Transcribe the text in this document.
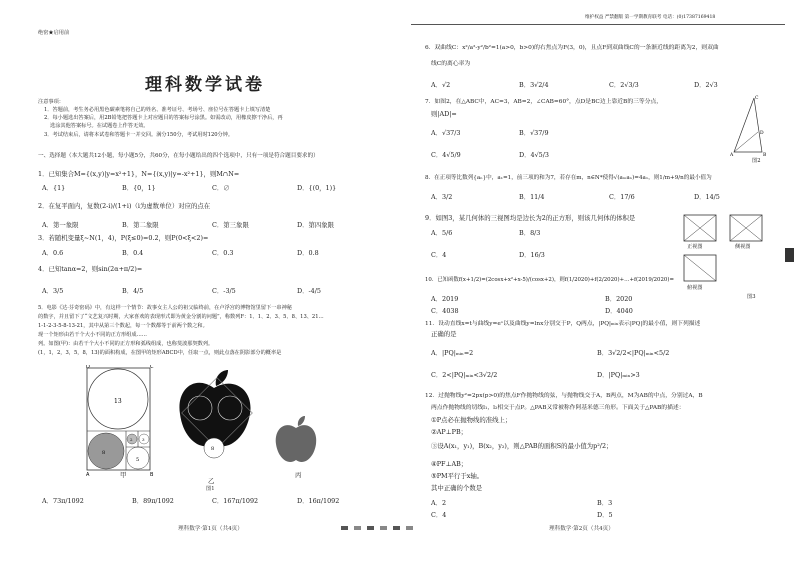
绝密★启用前
理科数学试卷
注意事项：
1．答题前，考生务必用黑色碳素笔将自己的姓名、准考证号、考场号、座位号在答题卡上填写清楚
2．每小题选出答案后，用2B铅笔把答题卡上对应题目的答案标号涂黑。如需改动，用橡皮擦干净后，再
选涂其他答案标号。在试题卷上作答无效。
3．考试结束后，请将本试卷和答题卡一并交回。满分150分，考试用时120分钟。
一、选择题（本大题共12小题，每小题5分，共60分，在每小题给出的四个选项中，只有一项是符合题目要求的）
1．已知集合M={(x,y)|y=x²+1}，N={(x,y)|y=-x²+1}，则M∩N=
A．{1}	B．{0，1}	C．∅	D．{(0，1)}
2．在复平面内，复数(2-i)/(1+i)（i为虚数单位）对应的点在
A．第一象限	B．第二象限	C．第三象限	D．第四象限
3．若随机变量ξ~N(1，4)，P(ξ≤0)=0.2，则P(0<ξ<2)=
A．0.6	B．0.4	C．0.3	D．0.8
4．已知tanα=2，则sin(2α+π/2)=
A．3/5	B．4/5	C．-3/5	D．-4/5
5．电影《达·芬奇密码》中，有这样一个情节：故事女主人公的祖父临终前，在卢浮宫的博物馆里留下一串神秘
的数字，并且留下了“文艺复兴时期，大家喜欢的表现形式即为黄金分割的问题”，称数列F：1、1、2、3、5、8、13、21…
1-1-2-3-5-8-13-21，其中从第三个数起，每一个数都等于前两个数之和。
现一个矩形由若干个大小不同的正方形组成……
列。如图(甲)：由若干个大小不同的正方形和弧线组成，也称斐波那契数列。
(1，1，2，3，5，8，13)的面积构成，在图甲的矩形ABCD中，任取一点，则此点落在阴影部分的概率是
D	C
A	B
13
8
2 3
5
甲
8
乙
图1
丙
A．73π/1092	B．89π/1092	C．167π/1092	D．16π/1092
理科数学·第1页（共4页）
维护权益 严禁翻版 第一学期教育联考 电话：(0)17387169418
6．双曲线C：x²/a²-y²/b²=1(a>0，b>0)的右焦点为F(3，0)，且点F到双曲线C的一条渐近线的距离为2，则双曲
线C的离心率为
A．√2	B．3√2/4	C．2√3/3	D．2√3
7．如图2，在△ABC中，AC=3，AB=2，∠CAB=60°，点D是BC边上靠近B的三等分点，
则|AD|=
A．√37/3	B．√37/9
C．4√5/9	D．4√5/3	A	B
C
D
图2
8．在正项等比数列{aₙ}中，a₁=1，前三项的和为7，若存在m，n∈N*使得√(aₘaₙ)=4a₁，则1/m+9/n的最小值为
A．3/2	B．11/4	C．17/6	D．14/5
9．如图3，某几何体的三视图均是边长为2的正方形，则该几何体的体积是
A．5/6	B．8/3
C．4	D．16/3
正视图	侧视图
俯视图
图3
10．已知函数f(x+1/2)=(2cosx+x²+x-5)/(cosx+2)，则f(1/2020)+f(2/2020)+…+f(2019/2020)=
A．2019	B．2020
C．4038	D．4040
11．设动直线x=t与曲线y=eˣ以及曲线y=lnx分别交于P，Q两点，|PQ|ₘᵢₙ表示|PQ|的最小值，则下列描述
正确的是
A．|PQ|ₘᵢₙ=2	B．3√2/2<|PQ|ₘᵢₙ<5/2
C．2<|PQ|ₘᵢₙ<3√2/2	D．|PQ|ₘᵢₙ>3
12．过抛物线y²=2px(p>0)的焦点F作抛物线的弦，与抛物线交于A，B两点，M为AB的中点，分别过A，B
两点作抛物线的切线l₁，l₂相交于点P。△PAB又常被称作阿基米德三角形。下面关于△PAB的描述：
①P点必在抛物线的准线上；
②AP⊥PB；
③设A(x₁，y₁)，B(x₂，y₂)，则△PAB的面积S的最小值为p²/2；
④PF⊥AB；
⑤PM平行于x轴。
其中正确的个数是
A．2	B．3
C．4	D．5
理科数学·第2页（共4页）
